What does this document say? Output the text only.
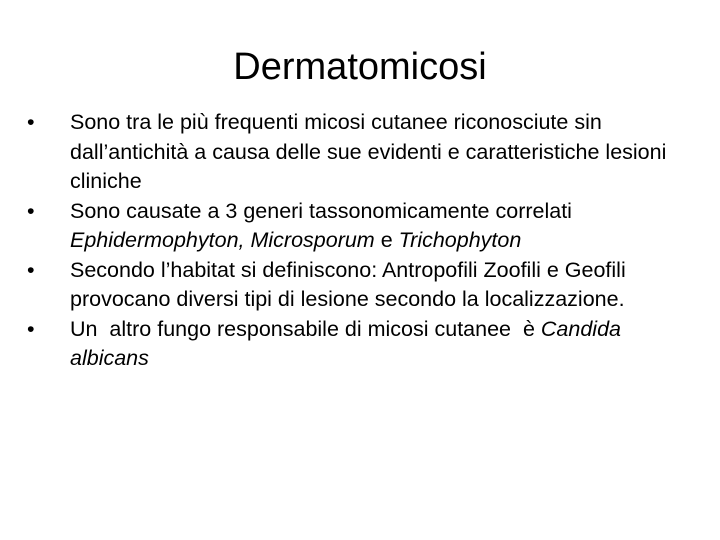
Dermatomicosi
•	Sono tra le più frequenti micosi cutanee riconosciute sin dall’antichità a causa delle sue evidenti e caratteristiche lesioni cliniche
•	Sono causate a 3 generi tassonomicamente correlati Ephidermophyton, Microsporum e Trichophyton
•	Secondo l’habitat si definiscono: Antropofili Zoofili e Geofili provocano diversi tipi di lesione secondo la localizzazione.
•	Un  altro fungo responsabile di micosi cutanee  è Candida albicans
